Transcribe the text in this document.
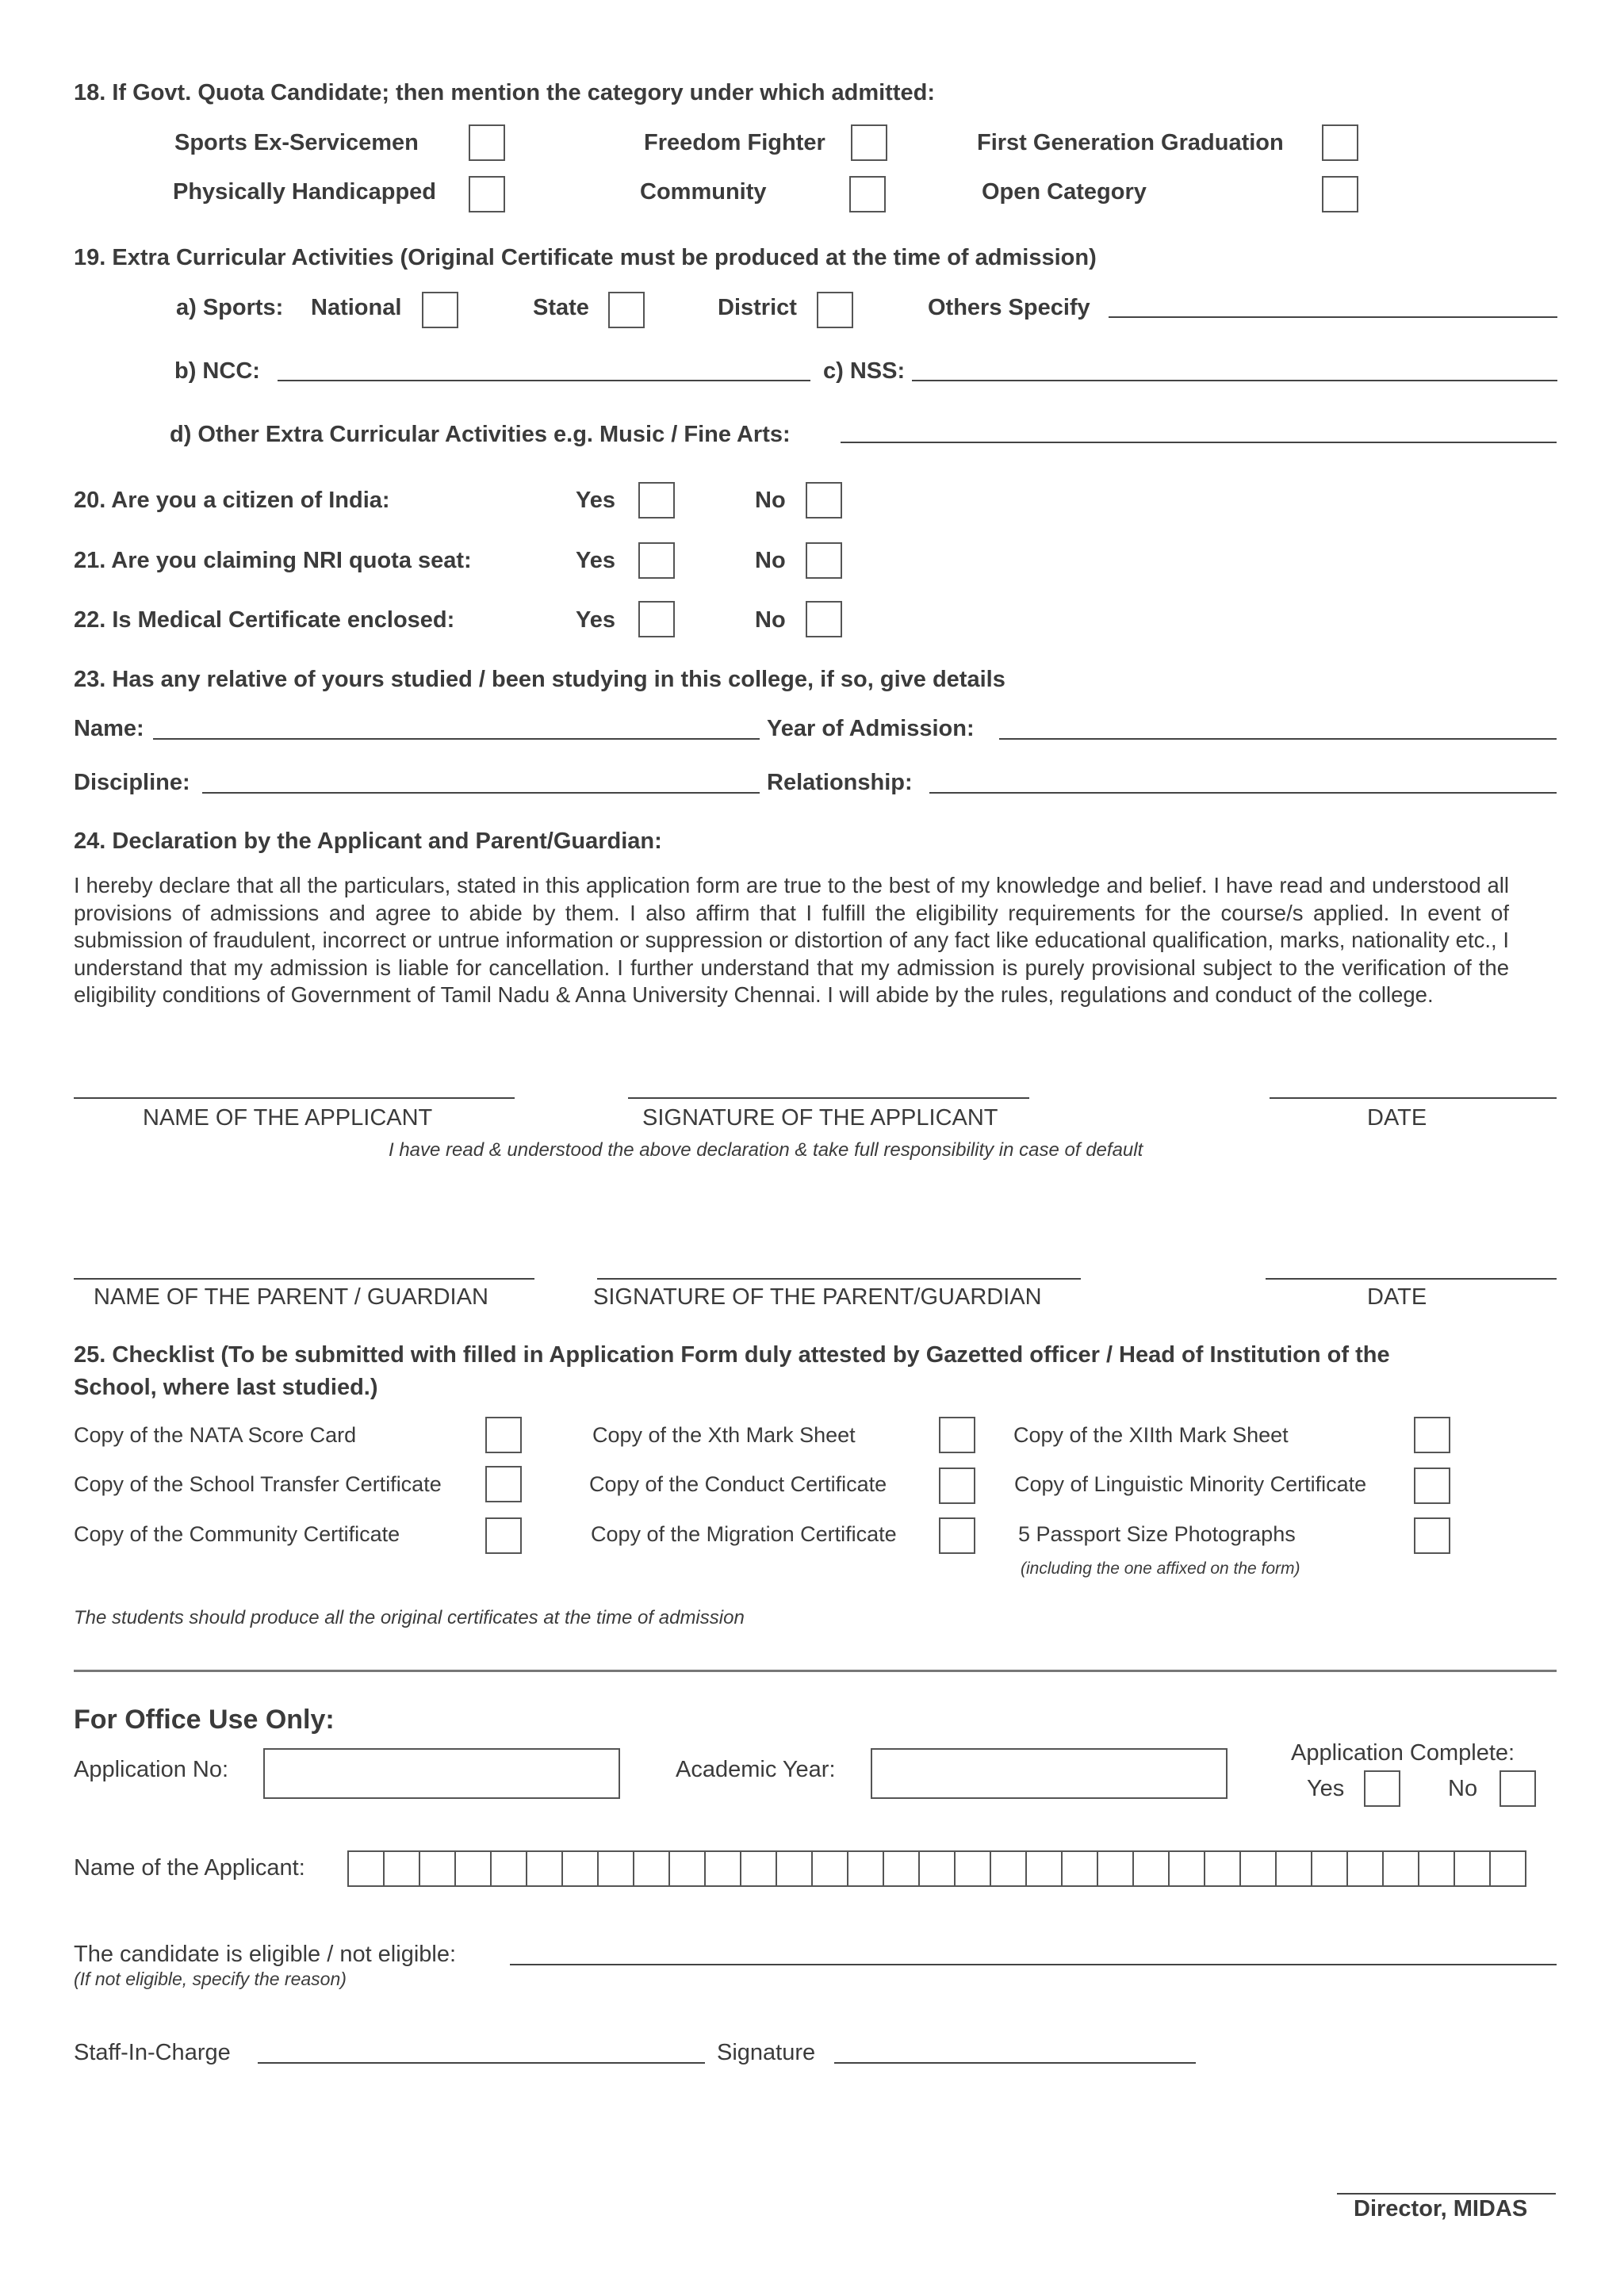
18. If Govt. Quota Candidate; then mention the category under which admitted:
Sports Ex-Servicemen	Freedom Fighter	First Generation Graduation
Physically Handicapped	Community	Open Category
19. Extra Curricular Activities (Original Certificate must be produced at the time of admission)
a) Sports: National	State	District	Others Specify
b) NCC:	c) NSS:
d) Other Extra Curricular Activities e.g. Music / Fine Arts:
20. Are you a citizen of India:	Yes	No
21. Are you claiming NRI quota seat:	Yes	No
22. Is Medical Certificate enclosed:	Yes	No
23. Has any relative of yours studied / been studying in this college, if so, give details
Name:	Year of Admission:
Discipline:	Relationship:
24. Declaration by the Applicant and Parent/Guardian:
I hereby declare that all the particulars, stated in this application form are true to the best of my knowledge and belief. I have read and understood all provisions of admissions and agree to abide by them. I also affirm that I fulfill the eligibility requirements for the course/s applied. In event of submission of fraudulent, incorrect or untrue information or suppression or distortion of any fact like educational qualification, marks, nationality etc., I understand that my admission is liable for cancellation. I further understand that my admission is purely provisional subject to the verification of the eligibility conditions of Government of Tamil Nadu & Anna University Chennai. I will abide by the rules, regulations and conduct of the college.
NAME OF THE APPLICANT	SIGNATURE OF THE APPLICANT	DATE
I have read & understood the above declaration & take full responsibility in case of default
NAME OF THE PARENT / GUARDIAN	SIGNATURE OF THE PARENT/GUARDIAN	DATE
25. Checklist (To be submitted with filled in Application Form duly attested by Gazetted officer / Head of Institution of the
School, where last studied.)
Copy of the NATA Score Card	Copy of the Xth Mark Sheet	Copy of the XIIth Mark Sheet
Copy of the School Transfer Certificate	Copy of the Conduct Certificate	Copy of Linguistic Minority Certificate
Copy of the Community Certificate	Copy of the Migration Certificate	5 Passport Size Photographs
(including the one affixed on the form)
The students should produce all the original certificates at the time of admission
For Office Use Only:
Application No:	Academic Year:
Application Complete:
Yes	No
Name of the Applicant:
The candidate is eligible / not eligible:
(If not eligible, specify the reason)
Staff-In-Charge	Signature
Director, MIDAS
